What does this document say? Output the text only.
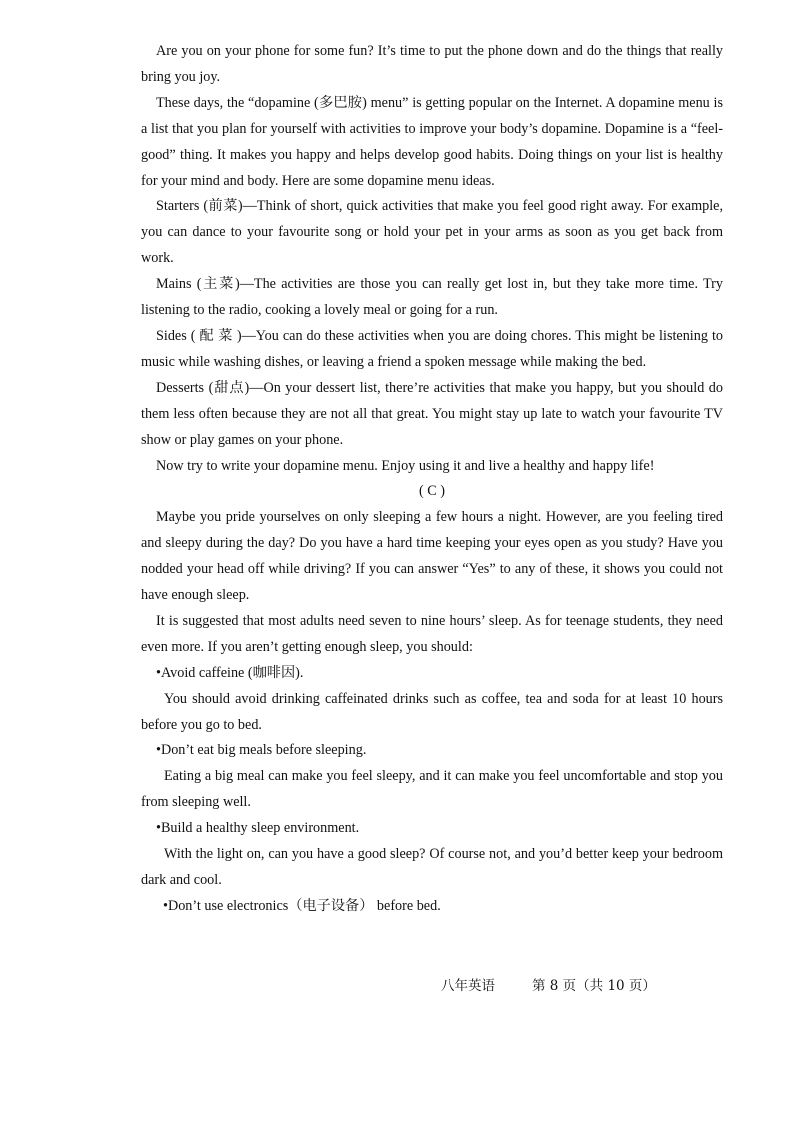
Are you on your phone for some fun? It’s time to put the phone down and do the things that really bring you joy.

These days, the “dopamine (多巴胺) menu” is getting popular on the Internet. A dopamine menu is a list that you plan for yourself with activities to improve your body’s dopamine. Dopamine is a “feel-good” thing. It makes you happy and helps develop good habits. Doing things on your list is healthy for your mind and body. Here are some dopamine menu ideas.

Starters (前菜)—Think of short, quick activities that make you feel good right away. For example, you can dance to your favourite song or hold your pet in your arms as soon as you get back from work.

Mains (主菜)—The activities are those you can really get lost in, but they take more time. Try listening to the radio, cooking a lovely meal or going for a run.

Sides ( 配 菜 )—You can do these activities when you are doing chores. This might be listening to music while washing dishes, or leaving a friend a spoken message while making the bed.

Desserts (甜点)—On your dessert list, there’re activities that make you happy, but you should do them less often because they are not all that great. You might stay up late to watch your favourite TV show or play games on your phone.

Now try to write your dopamine menu. Enjoy using it and live a healthy and happy life!

( C )

Maybe you pride yourselves on only sleeping a few hours a night. However, are you feeling tired and sleepy during the day? Do you have a hard time keeping your eyes open as you study? Have you nodded your head off while driving? If you can answer “Yes” to any of these, it shows you could not have enough sleep.

It is suggested that most adults need seven to nine hours’ sleep. As for teenage students, they need even more. If you aren’t getting enough sleep, you should:

•Avoid caffeine (咖啡因).

You should avoid drinking caffeinated drinks such as coffee, tea and soda for at least 10 hours before you go to bed.

•Don’t eat big meals before sleeping.

Eating a big meal can make you feel sleepy, and it can make you feel uncomfortable and stop you from sleeping well.

•Build a healthy sleep environment.

With the light on, can you have a good sleep? Of course not, and you’d better keep your bedroom dark and cool.

•Don’t use electronics（电子设备） before bed.

八年英语	第 8 页（共 10 页）
